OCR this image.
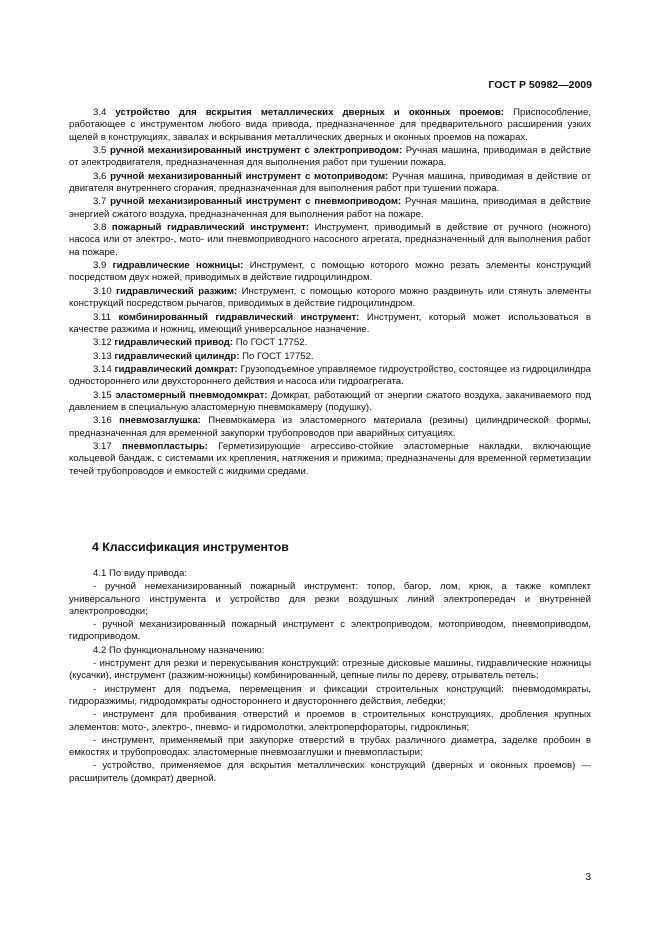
ГОСТ Р 50982—2009

3.4 устройство для вскрытия металлических дверных и оконных проемов: Приспособление, работающее с инструментом любого вида привода, предназначенное для предварительного расширения узких щелей в конструкциях, завалах и вскрывания металлических дверных и оконных проемов на пожарах.

3.5 ручной механизированный инструмент с электроприводом: Ручная машина, приводимая в действие от электродвигателя, предназначенная для выполнения работ при тушении пожара.

3.6 ручной механизированный инструмент с мотоприводом: Ручная машина, приводимая в действие от двигателя внутреннего сгорания, предназначенная для выполнения работ при тушении пожара.

3.7 ручной механизированный инструмент с пневмоприводом: Ручная машина, приводимая в действие энергией сжатого воздуха, предназначенная для выполнения работ на пожаре.

3.8 пожарный гидравлический инструмент: Инструмент, приводимый в действие от ручного (ножного) насоса или от электро-, мото- или пневмоприводного насосного агрегата, предназначенный для выполнения работ на пожаре.

3.9 гидравлические ножницы: Инструмент, с помощью которого можно резать элементы конструкций посредством двух ножей, приводимых в действие гидроцилиндром.

3.10 гидравлический разжим: Инструмент, с помощью которого можно раздвинуть или стянуть элементы конструкций посредством рычагов, приводимых в действие гидроцилиндром.

3.11 комбинированный гидравлический инструмент: Инструмент, который может использоваться в качестве разжима и ножниц, имеющий универсальное назначение.

3.12 гидравлический привод: По ГОСТ 17752.

3.13 гидравлический цилиндр: По ГОСТ 17752.

3.14 гидравлический домкрат: Грузоподъемное управляемое гидроустройство, состоящее из гидроцилиндра одностороннего или двухстороннего действия и насоса или гидроагрегата.

3.15 эластомерный пневмодомкрат: Домкрат, работающий от энергии сжатого воздуха, закачиваемого под давлением в специальную эластомерную пневмокамеру (подушку).

3.16 пневмозаглушка: Пневмокамера из эластомерного материала (резины) цилиндрической формы, предназначенная для временной закупорки трубопроводов при аварийных ситуациях.

3.17 пневмопластырь: Герметизирующие агрессиво-стойкие эластомерные накладки, включающие кольцевой бандаж, с системами их крепления, натяжения и прижима; предназначены для временной герметизации течей трубопроводов и емкостей с жидкими средами.

4 Классификация инструментов

4.1 По виду привода:

- ручной немеханизированный пожарный инструмент: топор, багор, лом, крюк, а также комплект универсального инструмента и устройство для резки воздушных линий электропередач и внутренней электропроводки;

- ручной механизированный пожарный инструмент с электроприводом, мотоприводом, пневмоприводом, гидроприводом.

4.2 По функциональному назначению:

- инструмент для резки и перекусывания конструкций: отрезные дисковые машины, гидравлические ножницы (кусачки), инструмент (разжим-ножницы) комбинированный, цепные пилы по дереву, отрыватель петель;

- инструмент для подъема, перемещения и фиксации строительных конструкций: пневмодомкраты, гидроразжимы, гидродомкраты одностороннего и двустороннего действия, лебедки;

- инструмент для пробивания отверстий и проемов в строительных конструкциях, дробления крупных элементов: мото-, электро-, пневмо- и гидромолотки, электроперфораторы, гидроклинья;

- инструмент, применяемый при закупорке отверстий в трубах различного диаметра, заделке пробоин в емкостях и трубопроводах: эластомерные пневмозаглушки и пневмопластыри;

- устройство, применяемое для вскрытия металлических конструкций (дверных и оконных проемов) — расширитель (домкрат) дверной.

3
